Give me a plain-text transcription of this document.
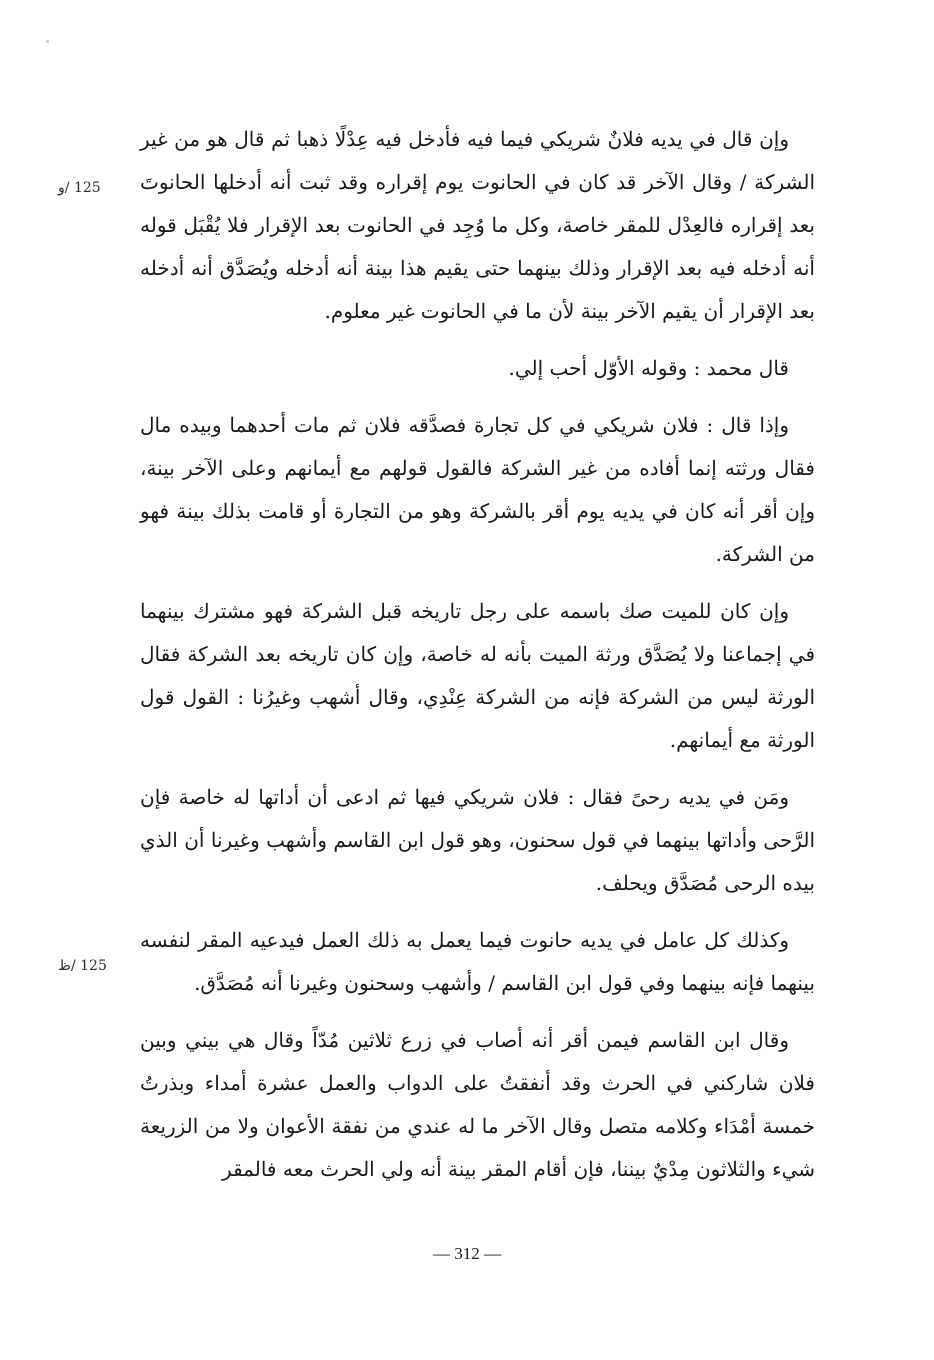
125 /و
125 /ظ

وإن قال في يديه فلانٌ شريكي فيما فيه فأدخل فيه عِدْلًا ذهبا ثم قال هو من غير الشركة / وقال الآخر قد كان في الحانوت يوم إقراره وقد ثبت أنه أدخلها الحانوتَ بعد إقراره فالعِدْل للمقر خاصة، وكل ما وُجِد في الحانوت بعد الإقرار فلا يُقْبَل قوله أنه أدخله فيه بعد الإقرار وذلك بينهما حتى يقيم هذا بينة أنه أدخله ويُصَدَّق أنه أدخله بعد الإقرار أن يقيم الآخر بينة لأن ما في الحانوت غير معلوم.

قال محمد : وقوله الأوّل أحب إلي.

وإذا قال : فلان شريكي في كل تجارة فصدَّقه فلان ثم مات أحدهما وبيده مال فقال ورثته إنما أفاده من غير الشركة فالقول قولهم مع أيمانهم وعلى الآخر بينة، وإن أقر أنه كان في يديه يوم أقر بالشركة وهو من التجارة أو قامت بذلك بينة فهو من الشركة.

وإن كان للميت صك باسمه على رجل تاريخه قبل الشركة فهو مشترك بينهما في إجماعنا ولا يُصَدَّق ورثة الميت بأنه له خاصة، وإن كان تاريخه بعد الشركة فقال الورثة ليس من الشركة فإنه من الشركة عِنْدِي، وقال أشهب وغيرُنا : القول قول الورثة مع أيمانهم.

ومَن في يديه رحىً فقال : فلان شريكي فيها ثم ادعى أن أداتها له خاصة فإن الرَّحى وأداتها بينهما في قول سحنون، وهو قول ابن القاسم وأشهب وغيرنا أن الذي بيده الرحى مُصَدَّق ويحلف.

وكذلك كل عامل في يديه حانوت فيما يعمل به ذلك العمل فيدعيه المقر لنفسه بينهما فإنه بينهما وفي قول ابن القاسم / وأشهب وسحنون وغيرنا أنه مُصَدَّق.

وقال ابن القاسم فيمن أقر أنه أصاب في زرع ثلاثين مُدّاً وقال هي بيني وبين فلان شاركني في الحرث وقد أنفقتُ على الدواب والعمل عشرة أمداء وبذرتُ خمسة أمْدَاء وكلامه متصل وقال الآخر ما له عندي من نفقة الأعوان ولا من الزريعة شيء والثلاثون مِدْيٌ بيننا، فإن أقام المقر بينة أنه ولي الحرث معه فالمقر

— 312 —
